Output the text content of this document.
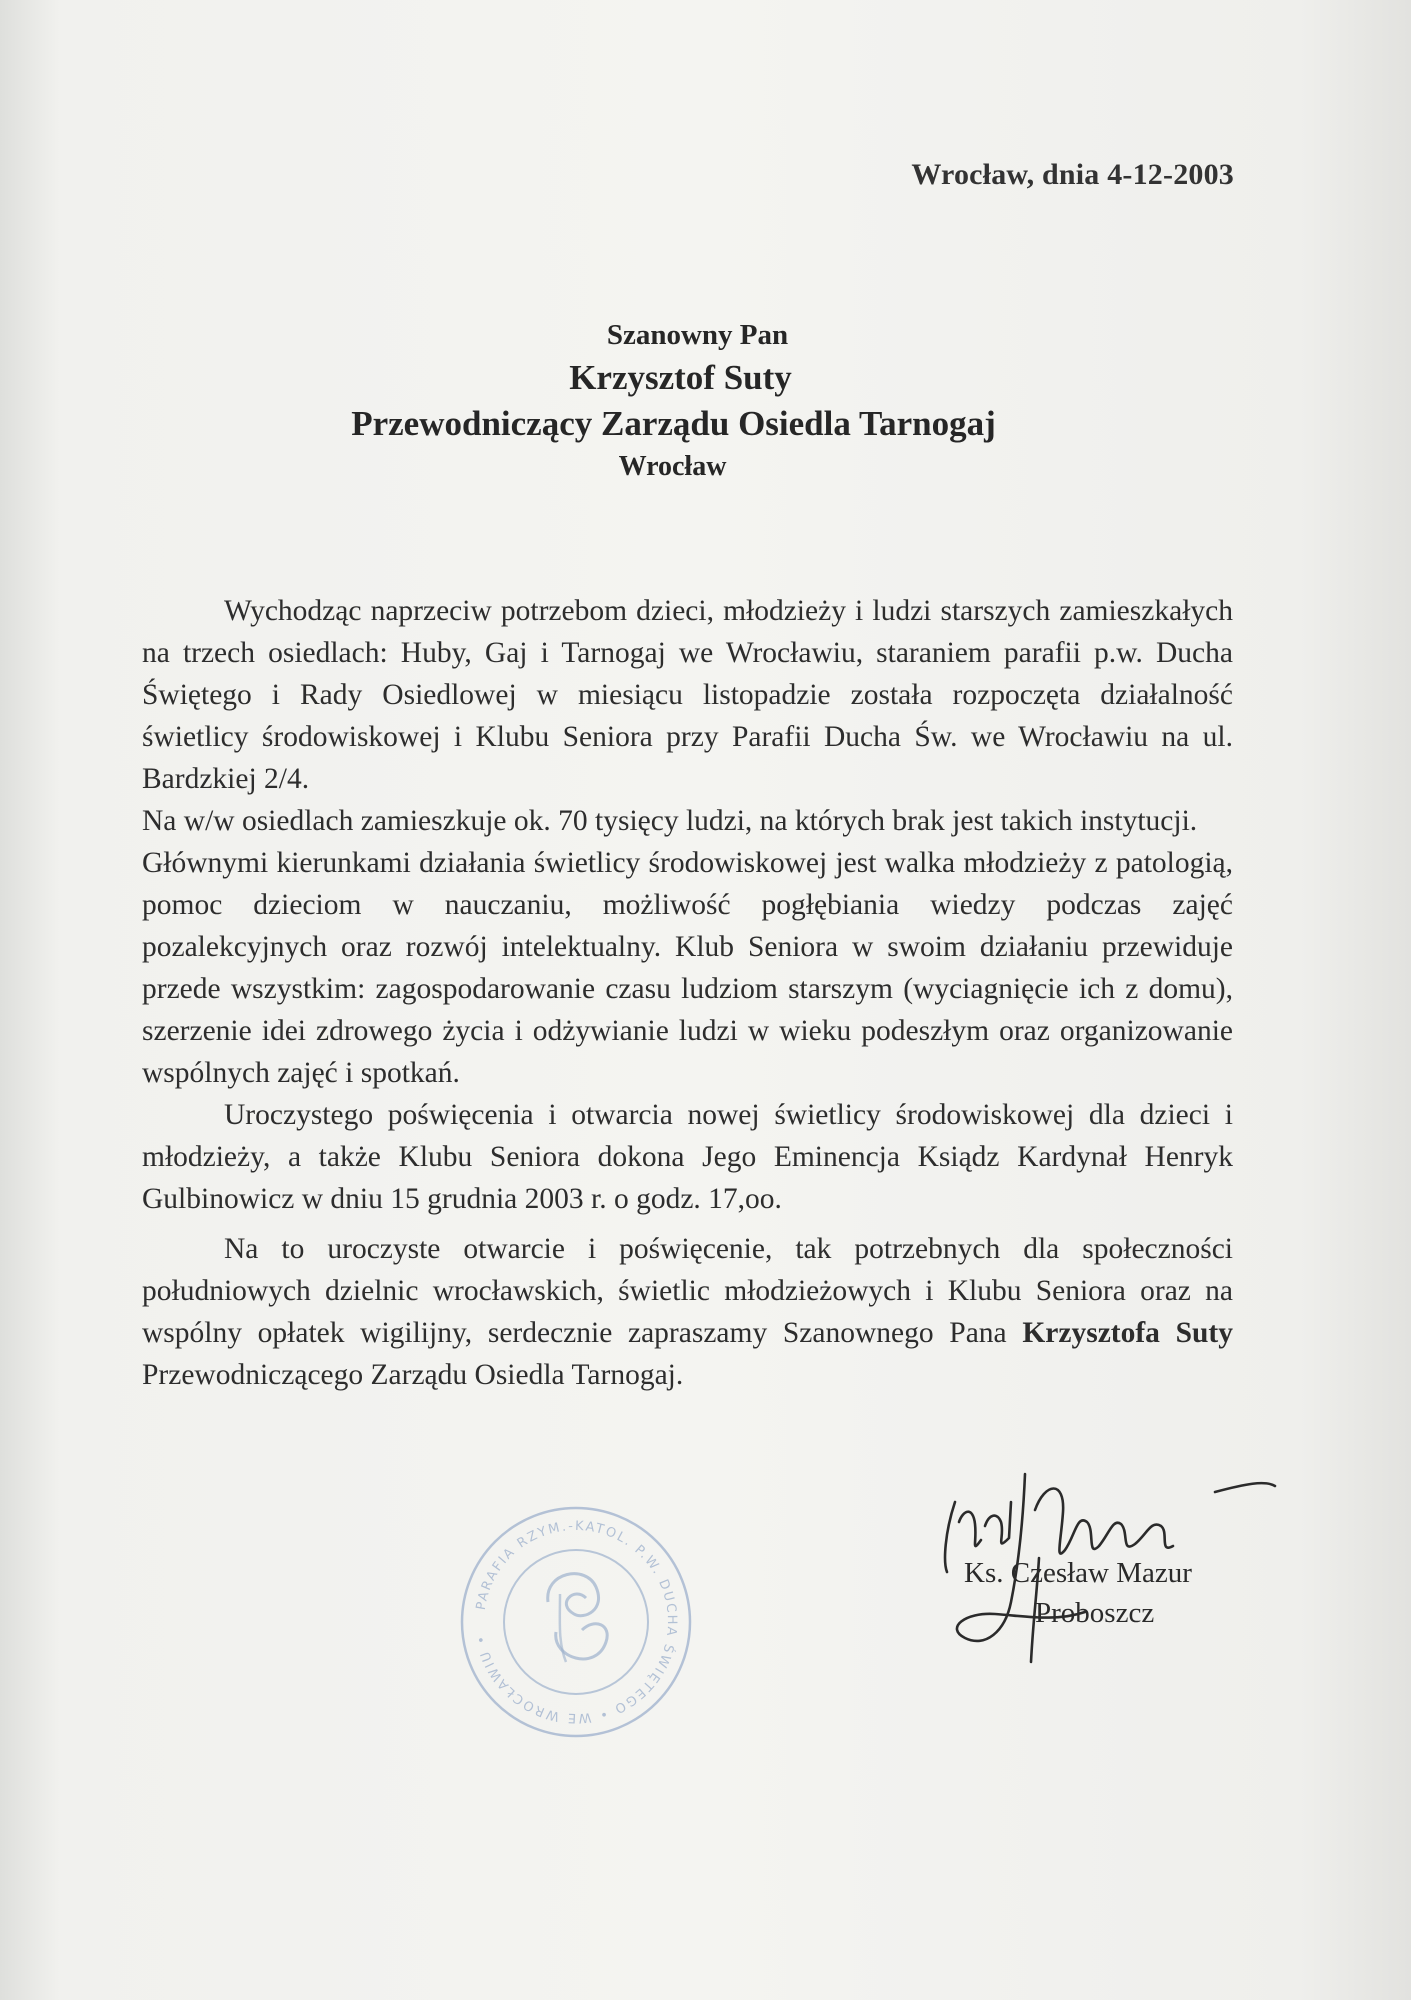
Wrocław, dnia 4-12-2003
Szanowny Pan
Krzysztof Suty
Przewodniczący Zarządu Osiedla Tarnogaj
Wrocław

Wychodząc naprzeciw potrzebom dzieci, młodzieży i ludzi starszych zamieszkałych na trzech osiedlach: Huby, Gaj i Tarnogaj we Wrocławiu, staraniem parafii p.w. Ducha Świętego i Rady Osiedlowej w miesiącu listopadzie została rozpoczęta działalność świetlicy środowiskowej i Klubu Seniora przy Parafii Ducha Św. we Wrocławiu na ul. Bardzkiej 2/4.

Na w/w osiedlach zamieszkuje ok. 70 tysięcy ludzi, na których brak jest takich instytucji.

Głównymi kierunkami działania świetlicy środowiskowej jest walka młodzieży z patologią, pomoc dzieciom w nauczaniu, możliwość pogłębiania wiedzy podczas zajęć pozalekcyjnych oraz rozwój intelektualny. Klub Seniora w swoim działaniu przewiduje przede wszystkim: zagospodarowanie czasu ludziom starszym (wyciagnięcie ich z domu), szerzenie idei zdrowego życia i odżywianie ludzi w wieku podeszłym oraz organizowanie wspólnych zajęć i spotkań.

Uroczystego poświęcenia i otwarcia nowej świetlicy środowiskowej dla dzieci i młodzieży, a także Klubu Seniora dokona Jego Eminencja Ksiądz Kardynał Henryk Gulbinowicz w dniu 15 grudnia 2003 r. o godz. 17,oo.

Na to uroczyste otwarcie i poświęcenie, tak potrzebnych dla społeczności południowych dzielnic wrocławskich, świetlic młodzieżowych i Klubu Seniora oraz na wspólny opłatek wigilijny, serdecznie zapraszamy Szanownego Pana Krzysztofa Suty Przewodniczącego Zarządu Osiedla Tarnogaj.

PARAFIA RZYM.-KATOL. P.W. DUCHA ŚWIĘTEGO • WE WROCŁAWIU •
Ks. Czesław Mazur
Proboszcz
